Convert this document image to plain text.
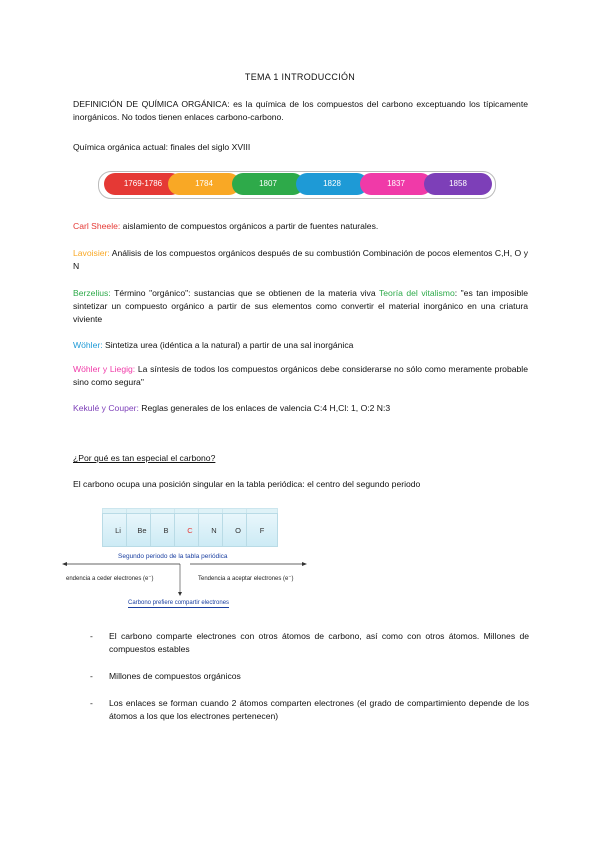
TEMA 1 INTRODUCCIÓN
DEFINICIÓN DE QUÍMICA ORGÁNICA: es la química de los compuestos del carbono exceptuando los típicamente inorgánicos. No todos tienen enlaces carbono-carbono.
Química orgánica actual: finales del siglo XVIII
1769-1786	1784	1807	1828	1837	1858
Carl Sheele: aislamiento de compuestos orgánicos a partir de fuentes naturales.
Lavoisier: Análisis de los compuestos orgánicos después de su combustión Combinación de pocos elementos C,H, O y N
Berzelius: Término "orgánico": sustancias que se obtienen de la materia viva Teoría del vitalismo: "es tan imposible sintetizar un compuesto orgánico a partir de sus elementos como convertir el material inorgánico en una criatura viviente
Wöhler: Sintetiza urea (idéntica a la natural) a partir de una sal inorgánica
Wöhler y Liegig: La síntesis de todos los compuestos orgánicos debe considerarse no sólo como meramente probable sino como segura"
Kekulé y Couper: Reglas generales de los enlaces de valencia C:4 H,Cl: 1, O:2 N:3
¿Por qué es tan especial el carbono?
El carbono ocupa una posición singular en la tabla periódica: el centro del segundo periodo
Li	Be	B	C	N	O	F
Segundo periodo de la tabla periódica
endencia a ceder electrones (e⁻)	Tendencia a aceptar electrones (e⁻)
Carbono prefiere compartir electrones
- El carbono comparte electrones con otros átomos de carbono, así como con otros átomos. Millones de compuestos estables
- Millones de compuestos orgánicos
- Los enlaces se forman cuando 2 átomos comparten electrones (el grado de compartimiento depende de los átomos a los que los electrones pertenecen)
